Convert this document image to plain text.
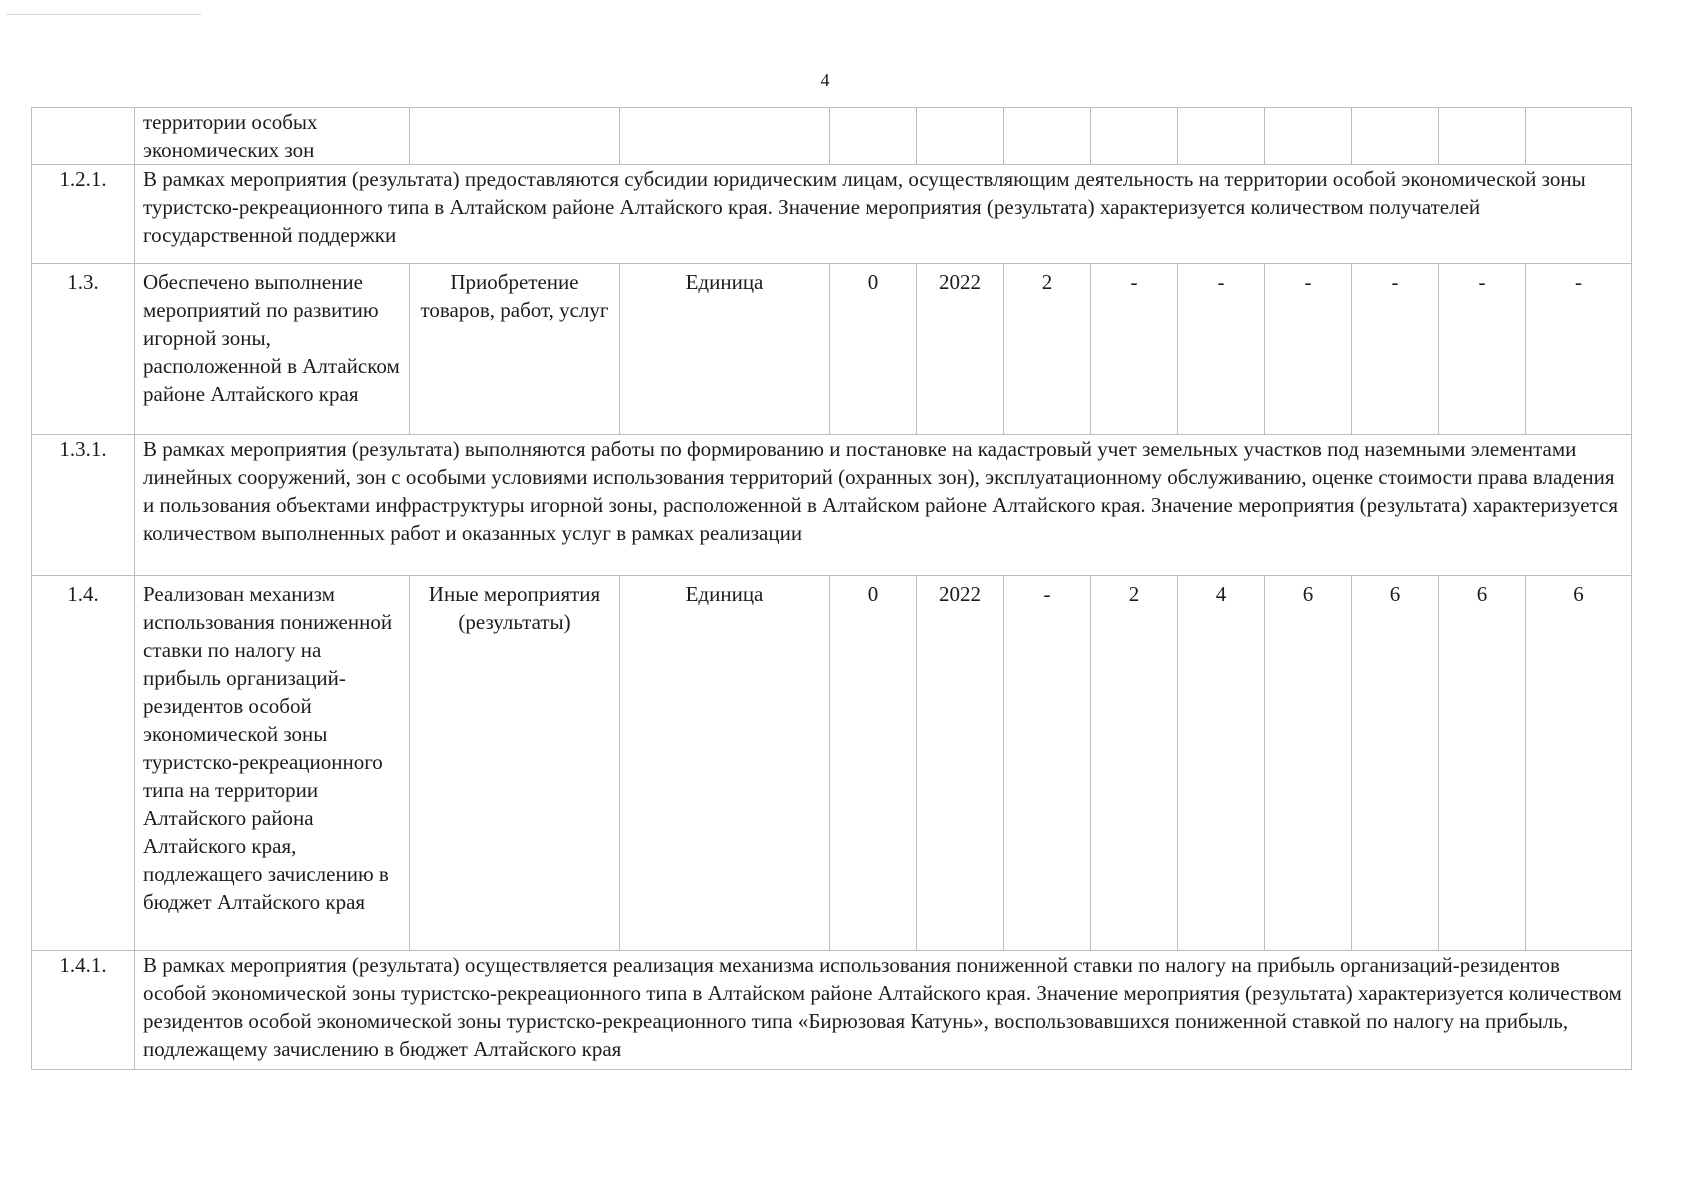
4
	территории особых экономических зон											
1.2.1.	В рамках мероприятия (результата) предоставляются субсидии юридическим лицам, осуществляющим деятельность на территории особой экономической зоны туристско-рекреационного типа в Алтайском районе Алтайского края. Значение мероприятия (результата) характеризуется количеством получателей государственной поддержки											
1.3.	Обеспечено выполнение мероприятий по развитию игорной зоны, расположенной в Алтайском районе Алтайского края	Приобретение товаров, работ, услуг	Единица	0	2022	2	-	-	-	-	-	-
1.3.1.	В рамках мероприятия (результата) выполняются работы по формированию и постановке на кадастровый учет земельных участков под наземными элементами линейных сооружений, зон с особыми условиями использования территорий (охранных зон), эксплуатационному обслуживанию, оценке стоимости права владения и пользования объектами инфраструктуры игорной зоны, расположенной в Алтайском районе Алтайского края. Значение мероприятия (результата) характеризуется количеством выполненных работ и оказанных услуг в рамках реализации											
1.4.	Реализован механизм использования пониженной ставки по налогу на прибыль организаций-резидентов особой экономической зоны туристско-рекреационного типа на территории Алтайского района Алтайского края, подлежащего зачислению в бюджет Алтайского края	Иные мероприятия (результаты)	Единица	0	2022	-	2	4	6	6	6	6
1.4.1.	В рамках мероприятия (результата) осуществляется реализация механизма использования пониженной ставки по налогу на прибыль организаций-резидентов особой экономической зоны туристско-рекреационного типа в Алтайском районе Алтайского края. Значение мероприятия (результата) характеризуется количеством резидентов особой экономической зоны туристско-рекреационного типа «Бирюзовая Катунь», воспользовавшихся пониженной ставкой по налогу на прибыль, подлежащему зачислению в бюджет Алтайского края											
